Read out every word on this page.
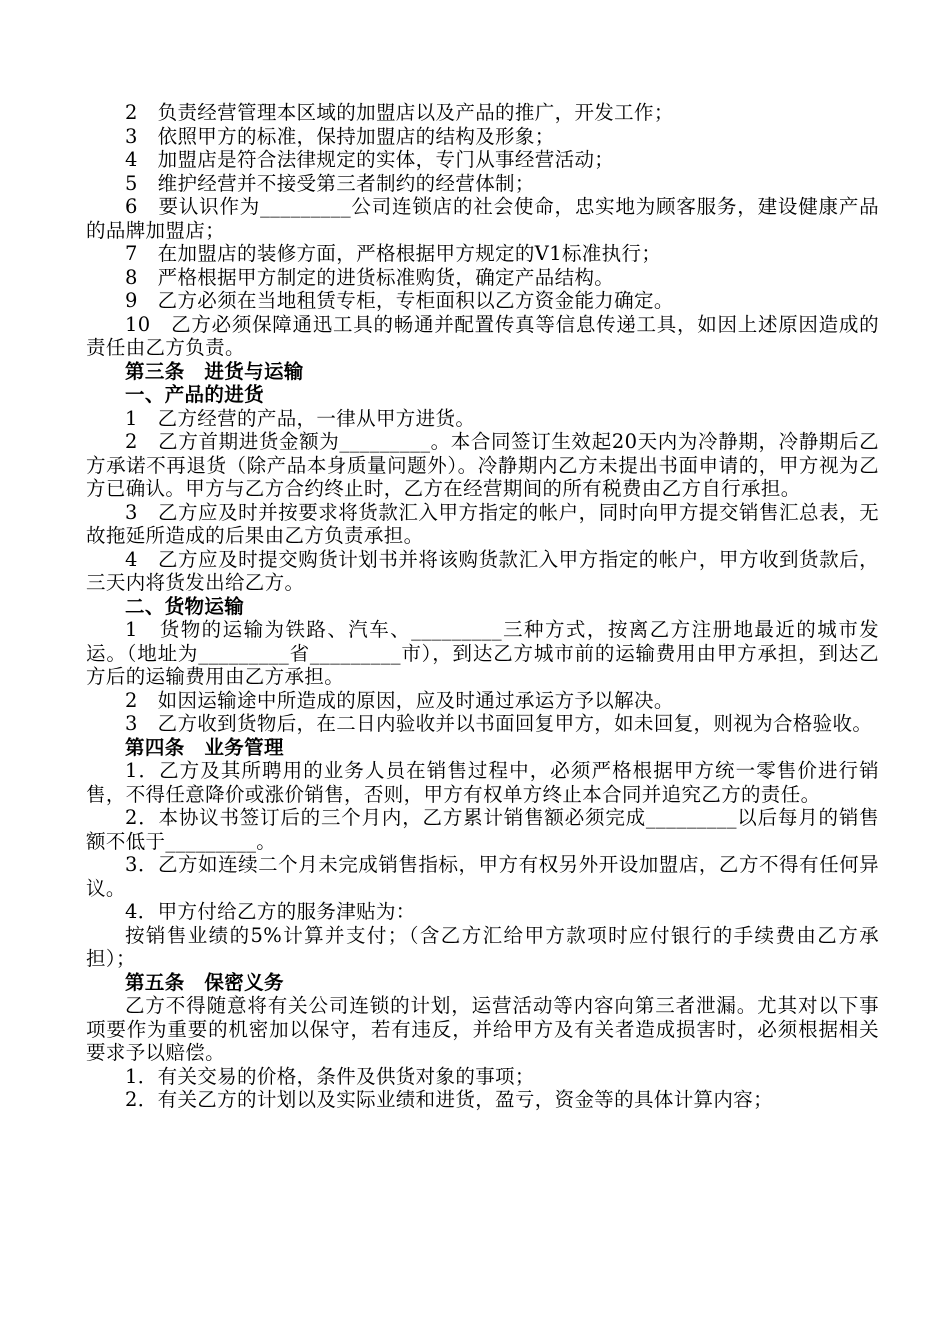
2　负责经营管理本区域的加盟店以及产品的推广，开发工作；

3　依照甲方的标准，保持加盟店的结构及形象；

4　加盟店是符合法律规定的实体，专门从事经营活动；

5　维护经营并不接受第三者制约的经营体制；

6　要认识作为_________公司连锁店的社会使命，忠实地为顾客服务，建设健康产品的品牌加盟店；

7　在加盟店的装修方面，严格根据甲方规定的V1标准执行；

8　严格根据甲方制定的进货标准购货，确定产品结构。

9　乙方必须在当地租赁专柜，专柜面积以乙方资金能力确定。

10　乙方必须保障通迅工具的畅通并配置传真等信息传递工具，如因上述原因造成的责任由乙方负责。

第三条　进货与运输

一、产品的进货

1　乙方经营的产品，一律从甲方进货。

2　乙方首期进货金额为_________。本合同签订生效起20天内为冷静期，冷静期后乙方承诺不再退货（除产品本身质量问题外）。冷静期内乙方未提出书面申请的，甲方视为乙方已确认。甲方与乙方合约终止时，乙方在经营期间的所有税费由乙方自行承担。

3　乙方应及时并按要求将货款汇入甲方指定的帐户，同时向甲方提交销售汇总表，无故拖延所造成的后果由乙方负责承担。

4　乙方应及时提交购货计划书并将该购货款汇入甲方指定的帐户，甲方收到货款后，三天内将货发出给乙方。

二、货物运输

1　货物的运输为铁路、汽车、_________三种方式，按离乙方注册地最近的城市发运。（地址为_________省_________市），到达乙方城市前的运输费用由甲方承担，到达乙方后的运输费用由乙方承担。

2　如因运输途中所造成的原因，应及时通过承运方予以解决。

3　乙方收到货物后，在二日内验收并以书面回复甲方，如未回复，则视为合格验收。

第四条　业务管理

1．乙方及其所聘用的业务人员在销售过程中，必须严格根据甲方统一零售价进行销售，不得任意降价或涨价销售，否则，甲方有权单方终止本合同并追究乙方的责任。

2．本协议书签订后的三个月内，乙方累计销售额必须完成_________以后每月的销售额不低于_________。

3．乙方如连续二个月未完成销售指标，甲方有权另外开设加盟店，乙方不得有任何异议。

4．甲方付给乙方的服务津贴为：

按销售业绩的5%计算并支付；（含乙方汇给甲方款项时应付银行的手续费由乙方承担）；

第五条　保密义务

乙方不得随意将有关公司连锁的计划，运营活动等内容向第三者泄漏。尤其对以下事项要作为重要的机密加以保守，若有违反，并给甲方及有关者造成损害时，必须根据相关要求予以赔偿。

1．有关交易的价格，条件及供货对象的事项；

2．有关乙方的计划以及实际业绩和进货，盈亏，资金等的具体计算内容；
